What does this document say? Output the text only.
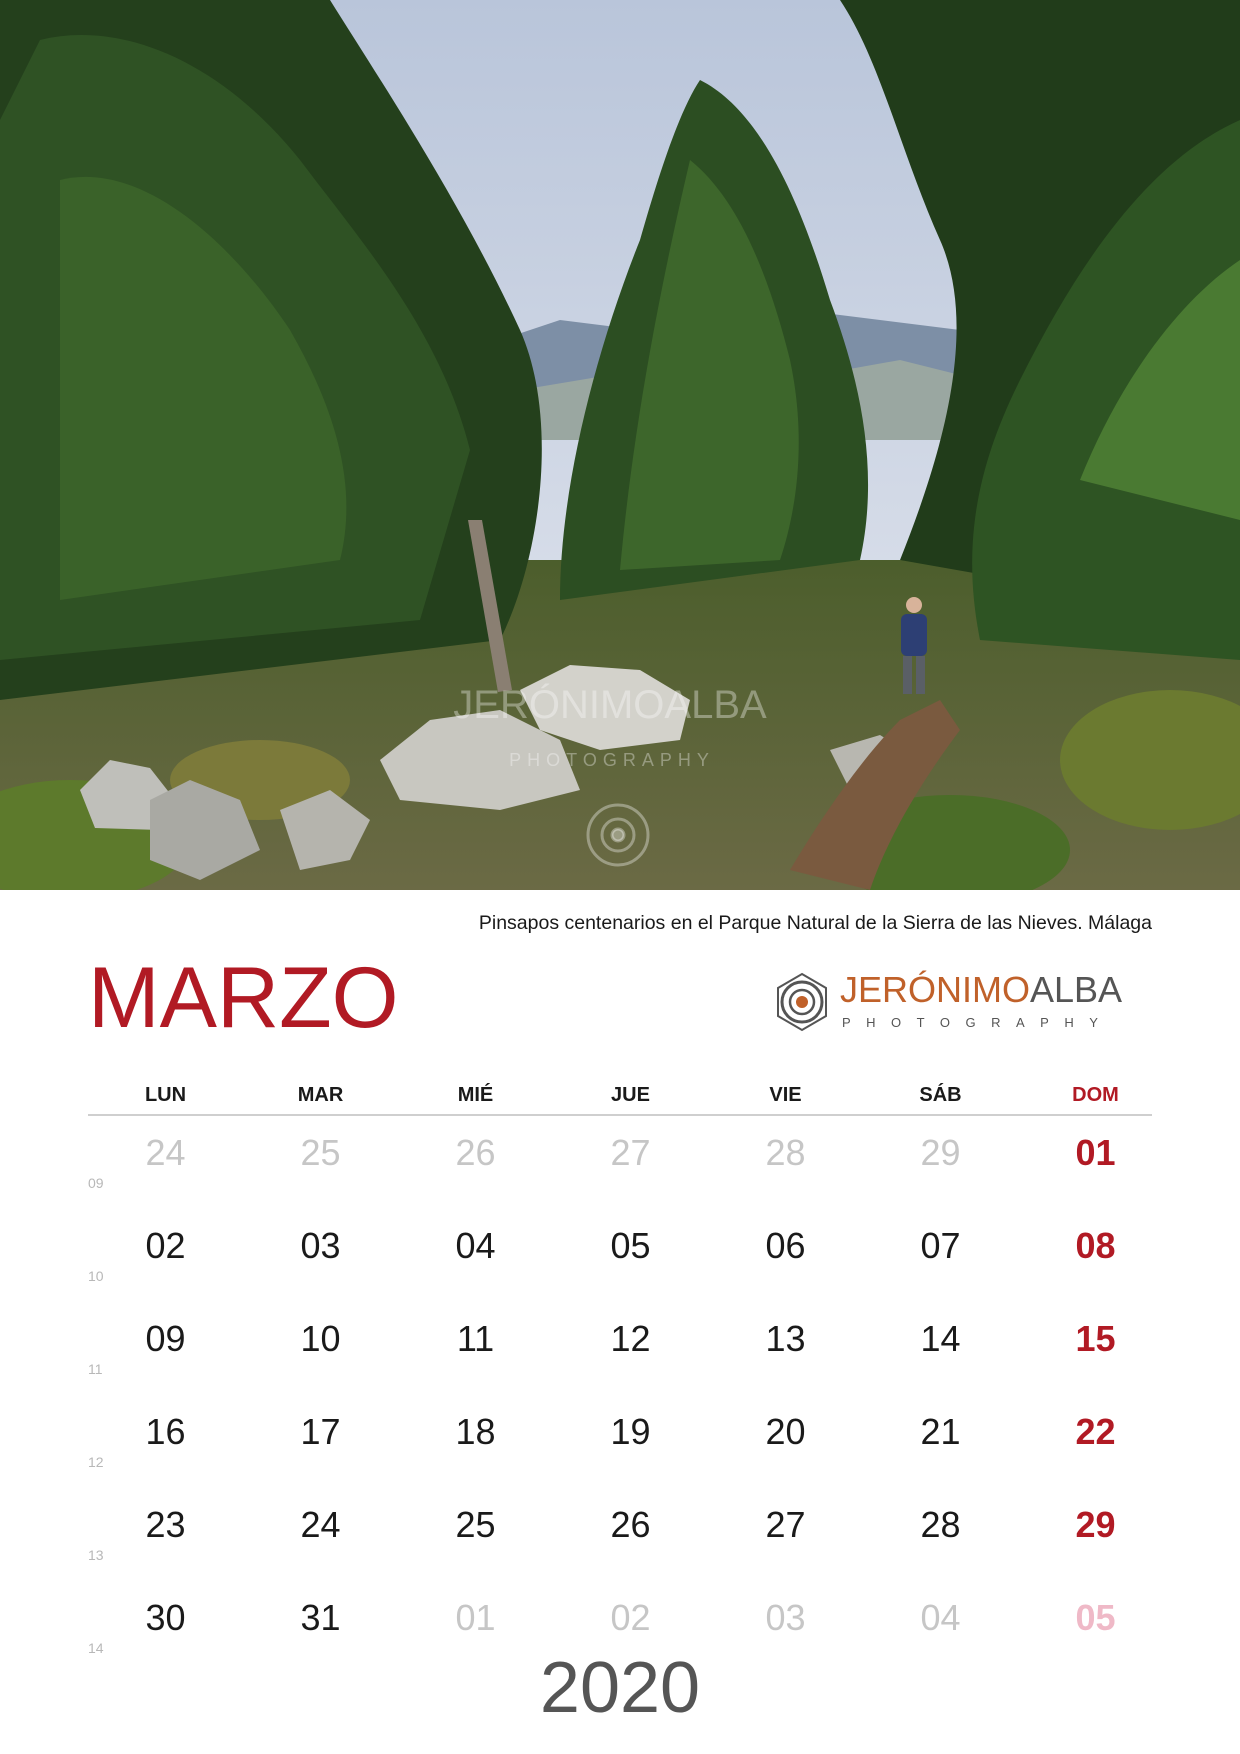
JERÓNIMOALBA
PHOTOGRAPHY
Pinsapos centenarios en el Parque Natural de la Sierra de las Nieves. Málaga
MARZO	JERÓNIMOALBA
PHOTOGRAPHY
LUN	MAR	MIÉ	JUE	VIE	SÁB	DOM
09
24	25	26	27	28	29	01
10
02	03	04	05	06	07	08
11
09	10	11	12	13	14	15
12
16	17	18	19	20	21	22
13
23	24	25	26	27	28	29
14
30	31	01	02	03	04	05
2020
